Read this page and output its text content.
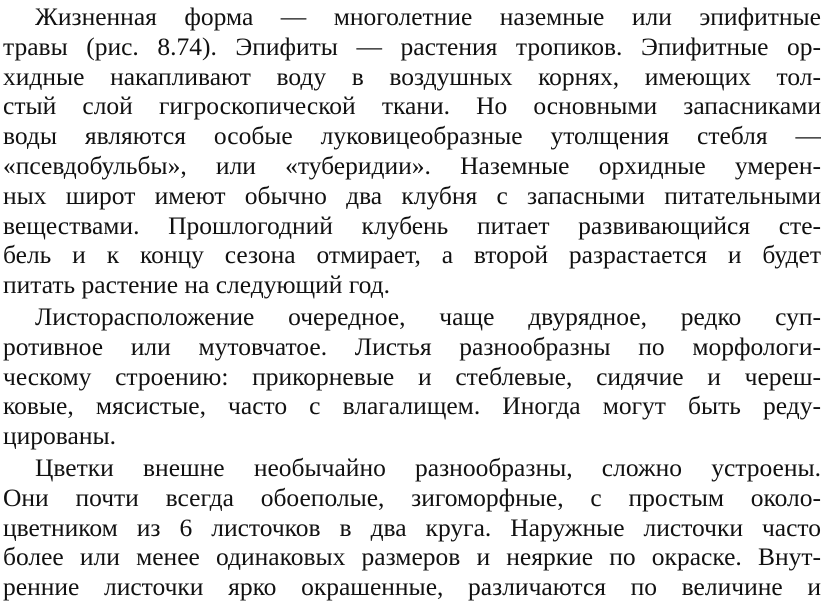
Жизненная форма — многолетние наземные или эпифитные
травы (рис. 8.74). Эпифиты — растения тропиков. Эпифитные ор-
хидные накапливают воду в воздушных корнях, имеющих тол-
стый слой гигроскопической ткани. Но основными запасниками
воды являются особые луковицеобразные утолщения стебля —
«псевдобульбы», или «туберидии». Наземные орхидные умерен-
ных широт имеют обычно два клубня с запасными питательными
веществами. Прошлогодний клубень питает развивающийся сте-
бель и к концу сезона отмирает, а второй разрастается и будет
питать растение на следующий год.
Листорасположение очередное, чаще двурядное, редко суп-
ротивное или мутовчатое. Листья разнообразны по морфологи-
ческому строению: прикорневые и стеблевые, сидячие и череш-
ковые, мясистые, часто с влагалищем. Иногда могут быть реду-
цированы.
Цветки внешне необычайно разнообразны, сложно устроены.
Они почти всегда обоеполые, зигоморфные, с простым около-
цветником из 6 листочков в два круга. Наружные листочки часто
более или менее одинаковых размеров и неяркие по окраске. Внут-
ренние листочки ярко окрашенные, различаются по величине и
